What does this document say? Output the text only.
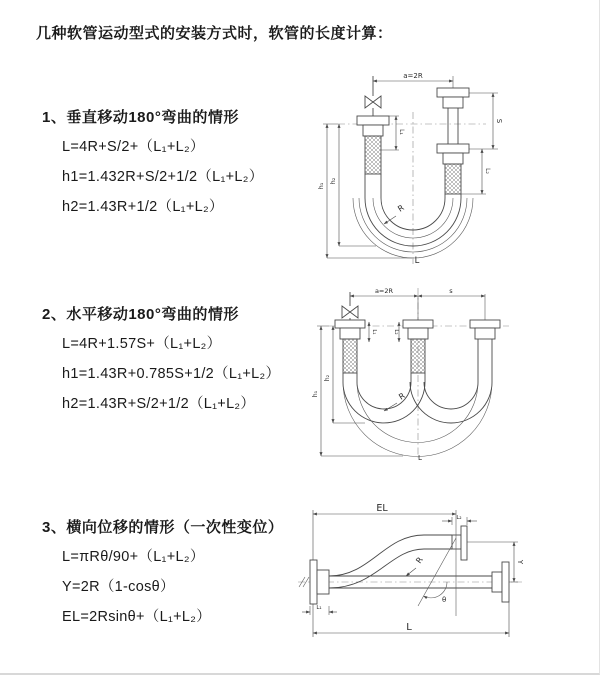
几种软管运动型式的安装方式时，软管的长度计算：
1、垂直移动180°弯曲的情形
L=4R+S/2+（L₁+L₂）
h1=1.432R+S/2+1/2（L₁+L₂）
h2=1.43R+1/2（L₁+L₂）
a=2R
S
L₂
h₁
h₂
L₁
R
L
2、水平移动180°弯曲的情形
L=4R+1.57S+（L₁+L₂）
h1=1.43R+0.785S+1/2（L₁+L₂）
h2=1.43R+S/2+1/2（L₁+L₂）
a=2R	s
h₁
h₂
L₁	L₂
R
L
3、横向位移的情形（一次性变位）
L=πRθ/90+（L₁+L₂）
Y=2R（1-cosθ）
EL=2Rsinθ+（L₁+L₂）
θ
EL
L₂
Y
L
L₁
R
